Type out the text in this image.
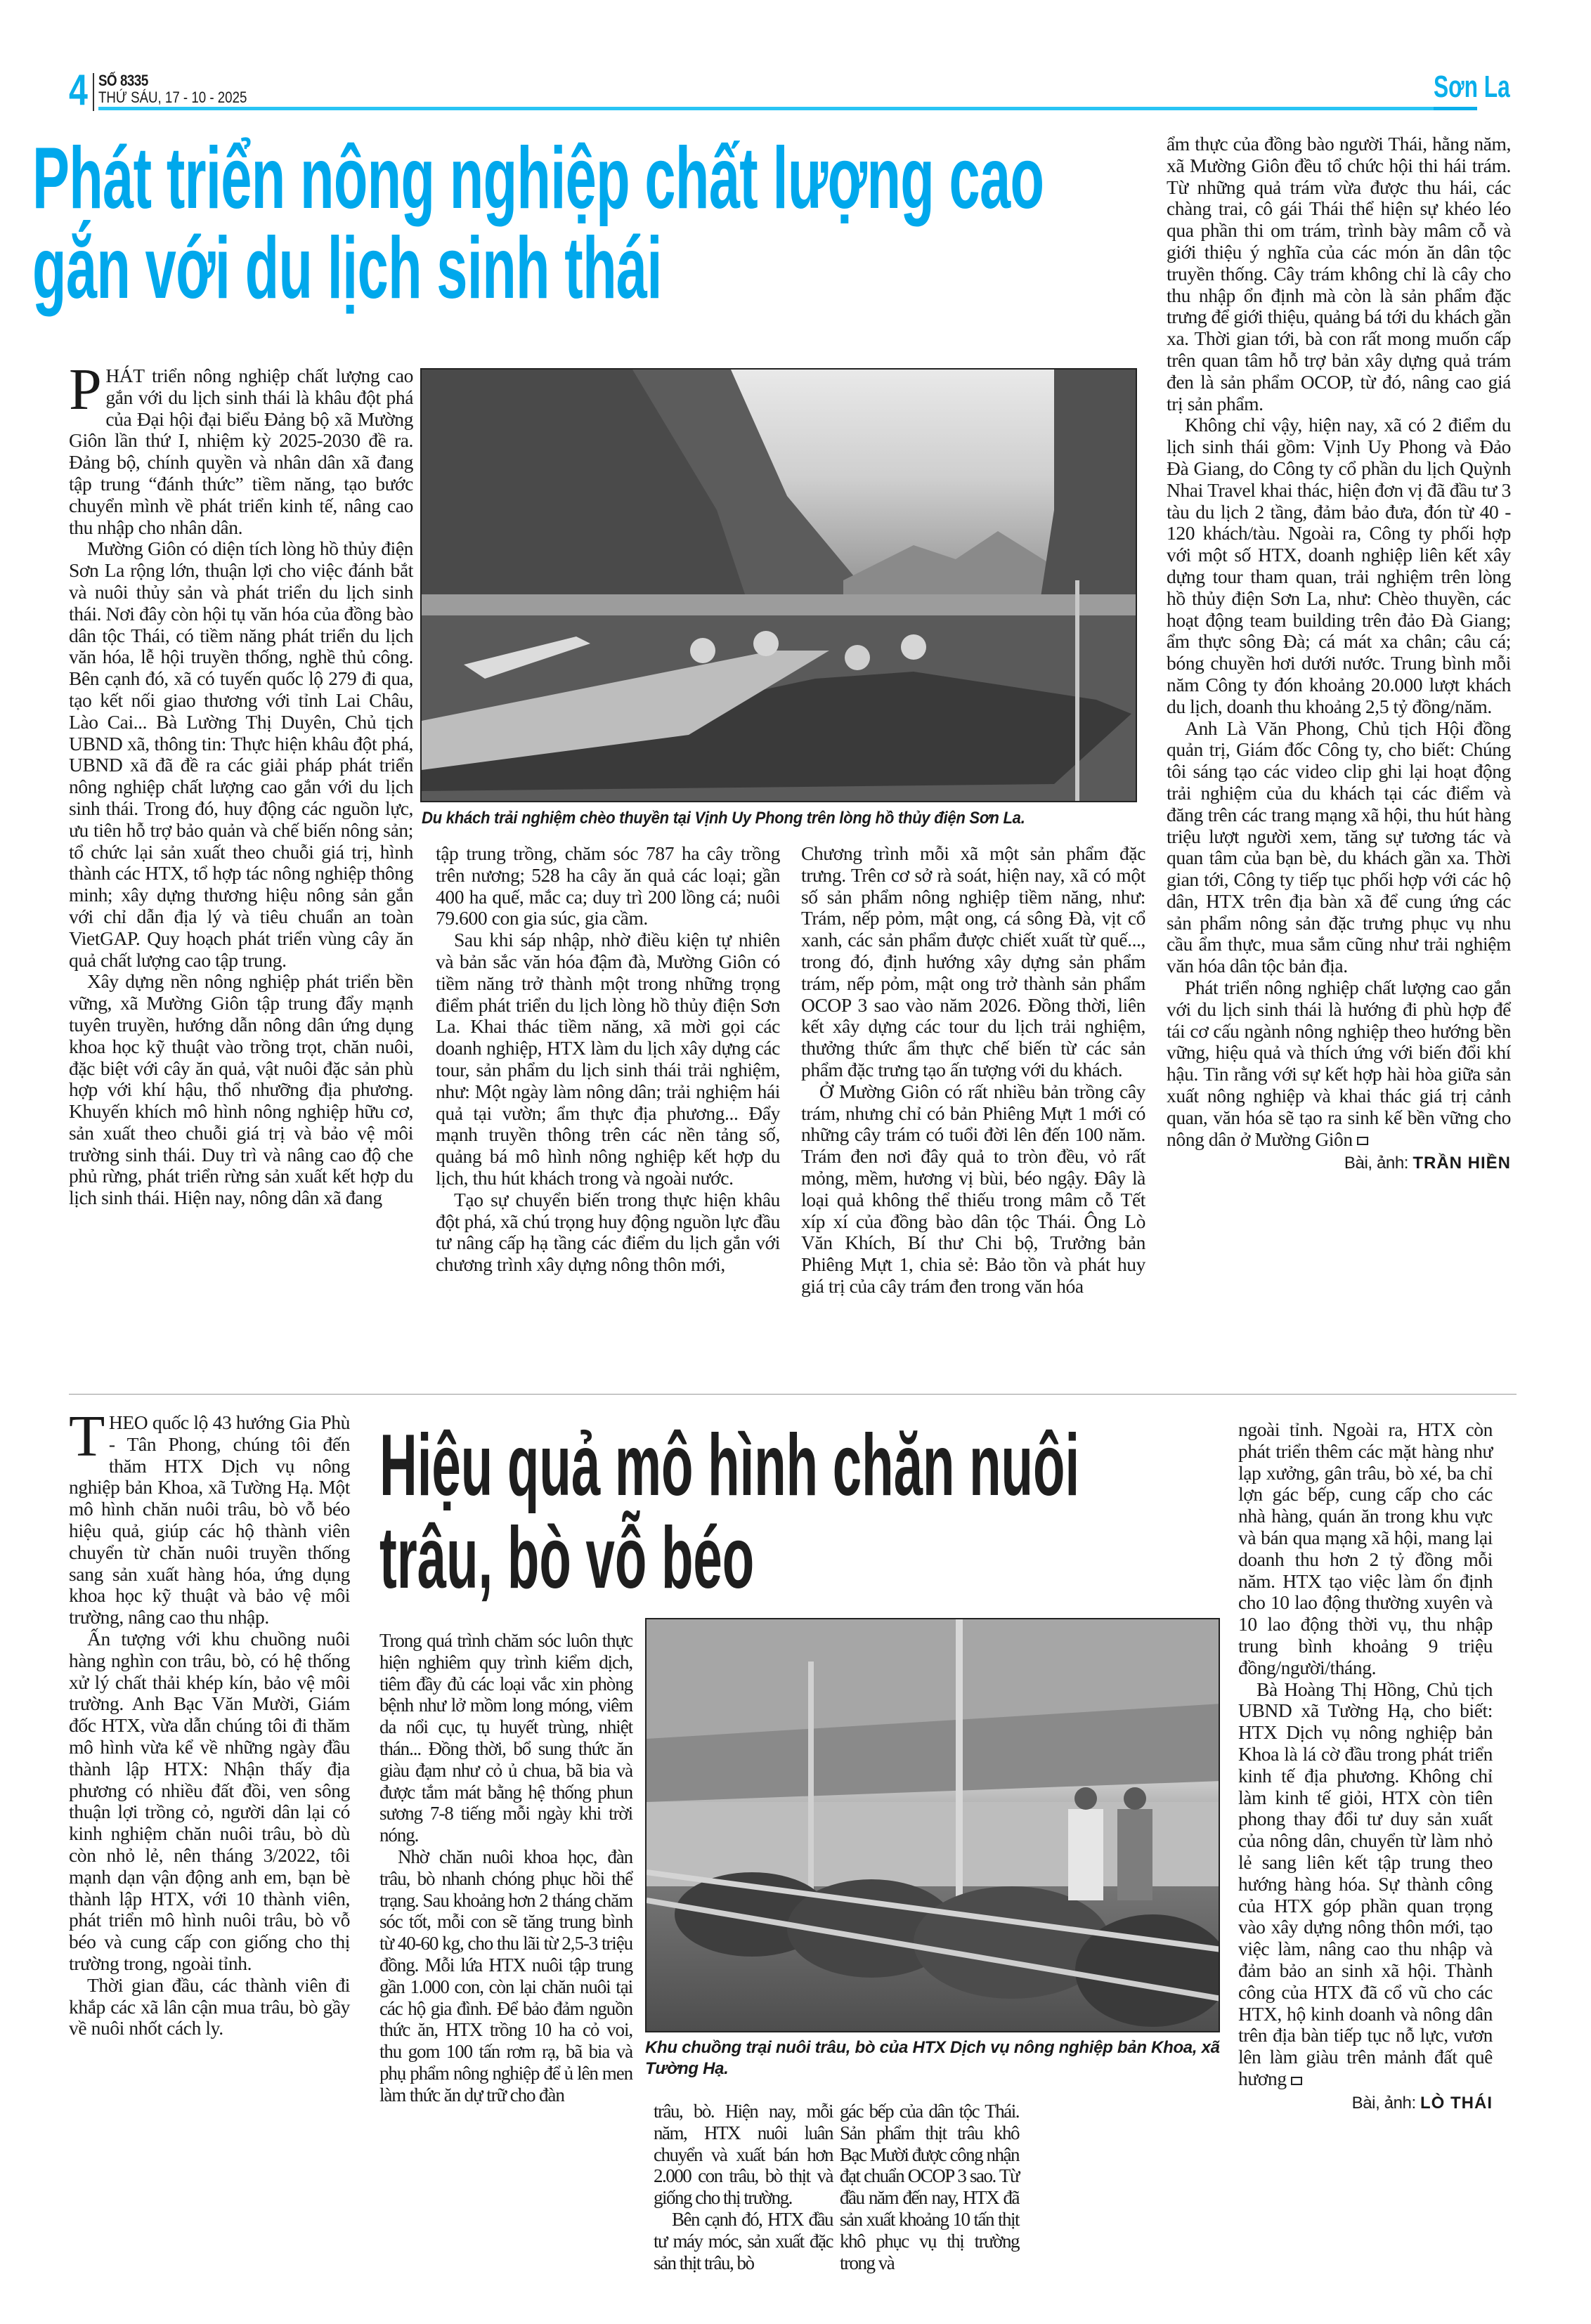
4 SỐ 8335
THỨ SÁU, 17 - 10 - 2025	Sơn La
Phát triển nông nghiệp chất lượng cao
gắn với du lịch sinh thái

PHÁT triển nông nghiệp chất lượng cao gắn với du lịch sinh thái là khâu đột phá của Đại hội đại biểu Đảng bộ xã Mường Giôn lần thứ I, nhiệm kỳ 2025-2030 đề ra. Đảng bộ, chính quyền và nhân dân xã đang tập trung “đánh thức” tiềm năng, tạo bước chuyển mình về phát triển kinh tế, nâng cao thu nhập cho nhân dân.

Mường Giôn có diện tích lòng hồ thủy điện Sơn La rộng lớn, thuận lợi cho việc đánh bắt và nuôi thủy sản và phát triển du lịch sinh thái. Nơi đây còn hội tụ văn hóa của đồng bào dân tộc Thái, có tiềm năng phát triển du lịch văn hóa, lễ hội truyền thống, nghề thủ công. Bên cạnh đó, xã có tuyến quốc lộ 279 đi qua, tạo kết nối giao thương với tỉnh Lai Châu, Lào Cai... Bà Lường Thị Duyên, Chủ tịch UBND xã, thông tin: Thực hiện khâu đột phá, UBND xã đã đề ra các giải pháp phát triển nông nghiệp chất lượng cao gắn với du lịch sinh thái. Trong đó, huy động các nguồn lực, ưu tiên hỗ trợ bảo quản và chế biến nông sản; tổ chức lại sản xuất theo chuỗi giá trị, hình thành các HTX, tổ hợp tác nông nghiệp thông minh; xây dựng thương hiệu nông sản gắn với chỉ dẫn địa lý và tiêu chuẩn an toàn VietGAP. Quy hoạch phát triển vùng cây ăn quả chất lượng cao tập trung.

Xây dựng nền nông nghiệp phát triển bền vững, xã Mường Giôn tập trung đẩy mạnh tuyên truyền, hướng dẫn nông dân ứng dụng khoa học kỹ thuật vào trồng trọt, chăn nuôi, đặc biệt với cây ăn quả, vật nuôi đặc sản phù hợp với khí hậu, thổ nhưỡng địa phương. Khuyến khích mô hình nông nghiệp hữu cơ, sản xuất theo chuỗi giá trị và bảo vệ môi trường sinh thái. Duy trì và nâng cao độ che phủ rừng, phát triển rừng sản xuất kết hợp du lịch sinh thái. Hiện nay, nông dân xã đang

Du khách trải nghiệm chèo thuyền tại Vịnh Uy Phong trên lòng hồ thủy điện Sơn La.

tập trung trồng, chăm sóc 787 ha cây trồng trên nương; 528 ha cây ăn quả các loại; gần 400 ha quế, mắc ca; duy trì 200 lồng cá; nuôi 79.600 con gia súc, gia cầm.

Sau khi sáp nhập, nhờ điều kiện tự nhiên và bản sắc văn hóa đậm đà, Mường Giôn có tiềm năng trở thành một trong những trọng điểm phát triển du lịch lòng hồ thủy điện Sơn La. Khai thác tiềm năng, xã mời gọi các doanh nghiệp, HTX làm du lịch xây dựng các tour, sản phẩm du lịch sinh thái trải nghiệm, như: Một ngày làm nông dân; trải nghiệm hái quả tại vườn; ẩm thực địa phương... Đẩy mạnh truyền thông trên các nền tảng số, quảng bá mô hình nông nghiệp kết hợp du lịch, thu hút khách trong và ngoài nước.

Tạo sự chuyển biến trong thực hiện khâu đột phá, xã chú trọng huy động nguồn lực đầu tư nâng cấp hạ tầng các điểm du lịch gắn với chương trình xây dựng nông thôn mới,

Chương trình mỗi xã một sản phẩm đặc trưng. Trên cơ sở rà soát, hiện nay, xã có một số sản phẩm nông nghiệp tiềm năng, như: Trám, nếp pỏm, mật ong, cá sông Đà, vịt cổ xanh, các sản phẩm được chiết xuất từ quế..., trong đó, định hướng xây dựng sản phẩm trám, nếp pỏm, mật ong trở thành sản phẩm OCOP 3 sao vào năm 2026. Đồng thời, liên kết xây dựng các tour du lịch trải nghiệm, thưởng thức ẩm thực chế biến từ các sản phẩm đặc trưng tạo ấn tượng với du khách.

Ở Mường Giôn có rất nhiều bản trồng cây trám, nhưng chỉ có bản Phiêng Mựt 1 mới có những cây trám có tuổi đời lên đến 100 năm. Trám đen nơi đây quả to tròn đều, vỏ rất mỏng, mềm, hương vị bùi, béo ngậy. Đây là loại quả không thể thiếu trong mâm cỗ Tết xíp xí của đồng bào dân tộc Thái. Ông Lò Văn Khích, Bí thư Chi bộ, Trưởng bản Phiêng Mựt 1, chia sẻ: Bảo tồn và phát huy giá trị của cây trám đen trong văn hóa

ẩm thực của đồng bào người Thái, hằng năm, xã Mường Giôn đều tổ chức hội thi hái trám. Từ những quả trám vừa được thu hái, các chàng trai, cô gái Thái thể hiện sự khéo léo qua phần thi om trám, trình bày mâm cỗ và giới thiệu ý nghĩa của các món ăn dân tộc truyền thống. Cây trám không chỉ là cây cho thu nhập ổn định mà còn là sản phẩm đặc trưng để giới thiệu, quảng bá tới du khách gần xa. Thời gian tới, bà con rất mong muốn cấp trên quan tâm hỗ trợ bản xây dựng quả trám đen là sản phẩm OCOP, từ đó, nâng cao giá trị sản phẩm.

Không chỉ vậy, hiện nay, xã có 2 điểm du lịch sinh thái gồm: Vịnh Uy Phong và Đảo Đà Giang, do Công ty cổ phần du lịch Quỳnh Nhai Travel khai thác, hiện đơn vị đã đầu tư 3 tàu du lịch 2 tầng, đảm bảo đưa, đón từ 40 - 120 khách/tàu. Ngoài ra, Công ty phối hợp với một số HTX, doanh nghiệp liên kết xây dựng tour tham quan, trải nghiệm trên lòng hồ thủy điện Sơn La, như: Chèo thuyền, các hoạt động team building trên đảo Đà Giang; ẩm thực sông Đà; cá mát xa chân; câu cá; bóng chuyền hơi dưới nước. Trung bình mỗi năm Công ty đón khoảng 20.000 lượt khách du lịch, doanh thu khoảng 2,5 tỷ đồng/năm.

Anh Là Văn Phong, Chủ tịch Hội đồng quản trị, Giám đốc Công ty, cho biết: Chúng tôi sáng tạo các video clip ghi lại hoạt động trải nghiệm của du khách tại các điểm và đăng trên các trang mạng xã hội, thu hút hàng triệu lượt người xem, tăng sự tương tác và quan tâm của bạn bè, du khách gần xa. Thời gian tới, Công ty tiếp tục phối hợp với các hộ dân, HTX trên địa bàn xã để cung ứng các sản phẩm nông sản đặc trưng phục vụ nhu cầu ẩm thực, mua sắm cũng như trải nghiệm văn hóa dân tộc bản địa.

Phát triển nông nghiệp chất lượng cao gắn với du lịch sinh thái là hướng đi phù hợp để tái cơ cấu ngành nông nghiệp theo hướng bền vững, hiệu quả và thích ứng với biến đổi khí hậu. Tin rằng với sự kết hợp hài hòa giữa sản xuất nông nghiệp và khai thác giá trị cảnh quan, văn hóa sẽ tạo ra sinh kế bền vững cho nông dân ở Mường Giôn

Bài, ảnh: TRẦN HIỀN

Hiệu quả mô hình chăn nuôi
trâu, bò vỗ béo

THEO quốc lộ 43 hướng Gia Phù - Tân Phong, chúng tôi đến thăm HTX Dịch vụ nông nghiệp bản Khoa, xã Tường Hạ. Một mô hình chăn nuôi trâu, bò vỗ béo hiệu quả, giúp các hộ thành viên chuyển từ chăn nuôi truyền thống sang sản xuất hàng hóa, ứng dụng khoa học kỹ thuật và bảo vệ môi trường, nâng cao thu nhập.

Ấn tượng với khu chuồng nuôi hàng nghìn con trâu, bò, có hệ thống xử lý chất thải khép kín, bảo vệ môi trường. Anh Bạc Văn Mười, Giám đốc HTX, vừa dẫn chúng tôi đi thăm mô hình vừa kể về những ngày đầu thành lập HTX: Nhận thấy địa phương có nhiều đất đồi, ven sông thuận lợi trồng cỏ, người dân lại có kinh nghiệm chăn nuôi trâu, bò dù còn nhỏ lẻ, nên tháng 3/2022, tôi mạnh dạn vận động anh em, bạn bè thành lập HTX, với 10 thành viên, phát triển mô hình nuôi trâu, bò vỗ béo và cung cấp con giống cho thị trường trong, ngoài tỉnh.

Thời gian đầu, các thành viên đi khắp các xã lân cận mua trâu, bò gầy về nuôi nhốt cách ly.

Trong quá trình chăm sóc luôn thực hiện nghiêm quy trình kiểm dịch, tiêm đầy đủ các loại vắc xin phòng bệnh như lở mồm long móng, viêm da nổi cục, tụ huyết trùng, nhiệt thán... Đồng thời, bổ sung thức ăn giàu đạm như cỏ ủ chua, bã bia và được tắm mát bằng hệ thống phun sương 7-8 tiếng mỗi ngày khi trời nóng.

Nhờ chăn nuôi khoa học, đàn trâu, bò nhanh chóng phục hồi thể trạng. Sau khoảng hơn 2 tháng chăm sóc tốt, mỗi con sẽ tăng trung bình từ 40-60 kg, cho thu lãi từ 2,5-3 triệu đồng. Mỗi lứa HTX nuôi tập trung gần 1.000 con, còn lại chăn nuôi tại các hộ gia đình. Để bảo đảm nguồn thức ăn, HTX trồng 10 ha cỏ voi, thu gom 100 tấn rơm rạ, bã bia và phụ phẩm nông nghiệp để ủ lên men làm thức ăn dự trữ cho đàn

Khu chuồng trại nuôi trâu, bò của HTX Dịch vụ nông nghiệp bản Khoa, xã Tường Hạ.

trâu, bò. Hiện nay, mỗi năm, HTX nuôi luân chuyển và xuất bán hơn 2.000 con trâu, bò thịt và giống cho thị trường.

Bên cạnh đó, HTX đầu tư máy móc, sản xuất đặc sản thịt trâu, bò

gác bếp của dân tộc Thái. Sản phẩm thịt trâu khô Bạc Mười được công nhận đạt chuẩn OCOP 3 sao. Từ đầu năm đến nay, HTX đã sản xuất khoảng 10 tấn thịt khô phục vụ thị trường trong và

ngoài tỉnh. Ngoài ra, HTX còn phát triển thêm các mặt hàng như lạp xưởng, gân trâu, bò xé, ba chỉ lợn gác bếp, cung cấp cho các nhà hàng, quán ăn trong khu vực và bán qua mạng xã hội, mang lại doanh thu hơn 2 tỷ đồng mỗi năm. HTX tạo việc làm ổn định cho 10 lao động thường xuyên và 10 lao động thời vụ, thu nhập trung bình khoảng 9 triệu đồng/người/tháng.

Bà Hoàng Thị Hồng, Chủ tịch UBND xã Tường Hạ, cho biết: HTX Dịch vụ nông nghiệp bản Khoa là lá cờ đầu trong phát triển kinh tế địa phương. Không chỉ làm kinh tế giỏi, HTX còn tiên phong thay đổi tư duy sản xuất của nông dân, chuyển từ làm nhỏ lẻ sang liên kết tập trung theo hướng hàng hóa. Sự thành công của HTX góp phần quan trọng vào xây dựng nông thôn mới, tạo việc làm, nâng cao thu nhập và đảm bảo an sinh xã hội. Thành công của HTX đã cổ vũ cho các HTX, hộ kinh doanh và nông dân trên địa bàn tiếp tục nỗ lực, vươn lên làm giàu trên mảnh đất quê hương

Bài, ảnh: LÒ THÁI
